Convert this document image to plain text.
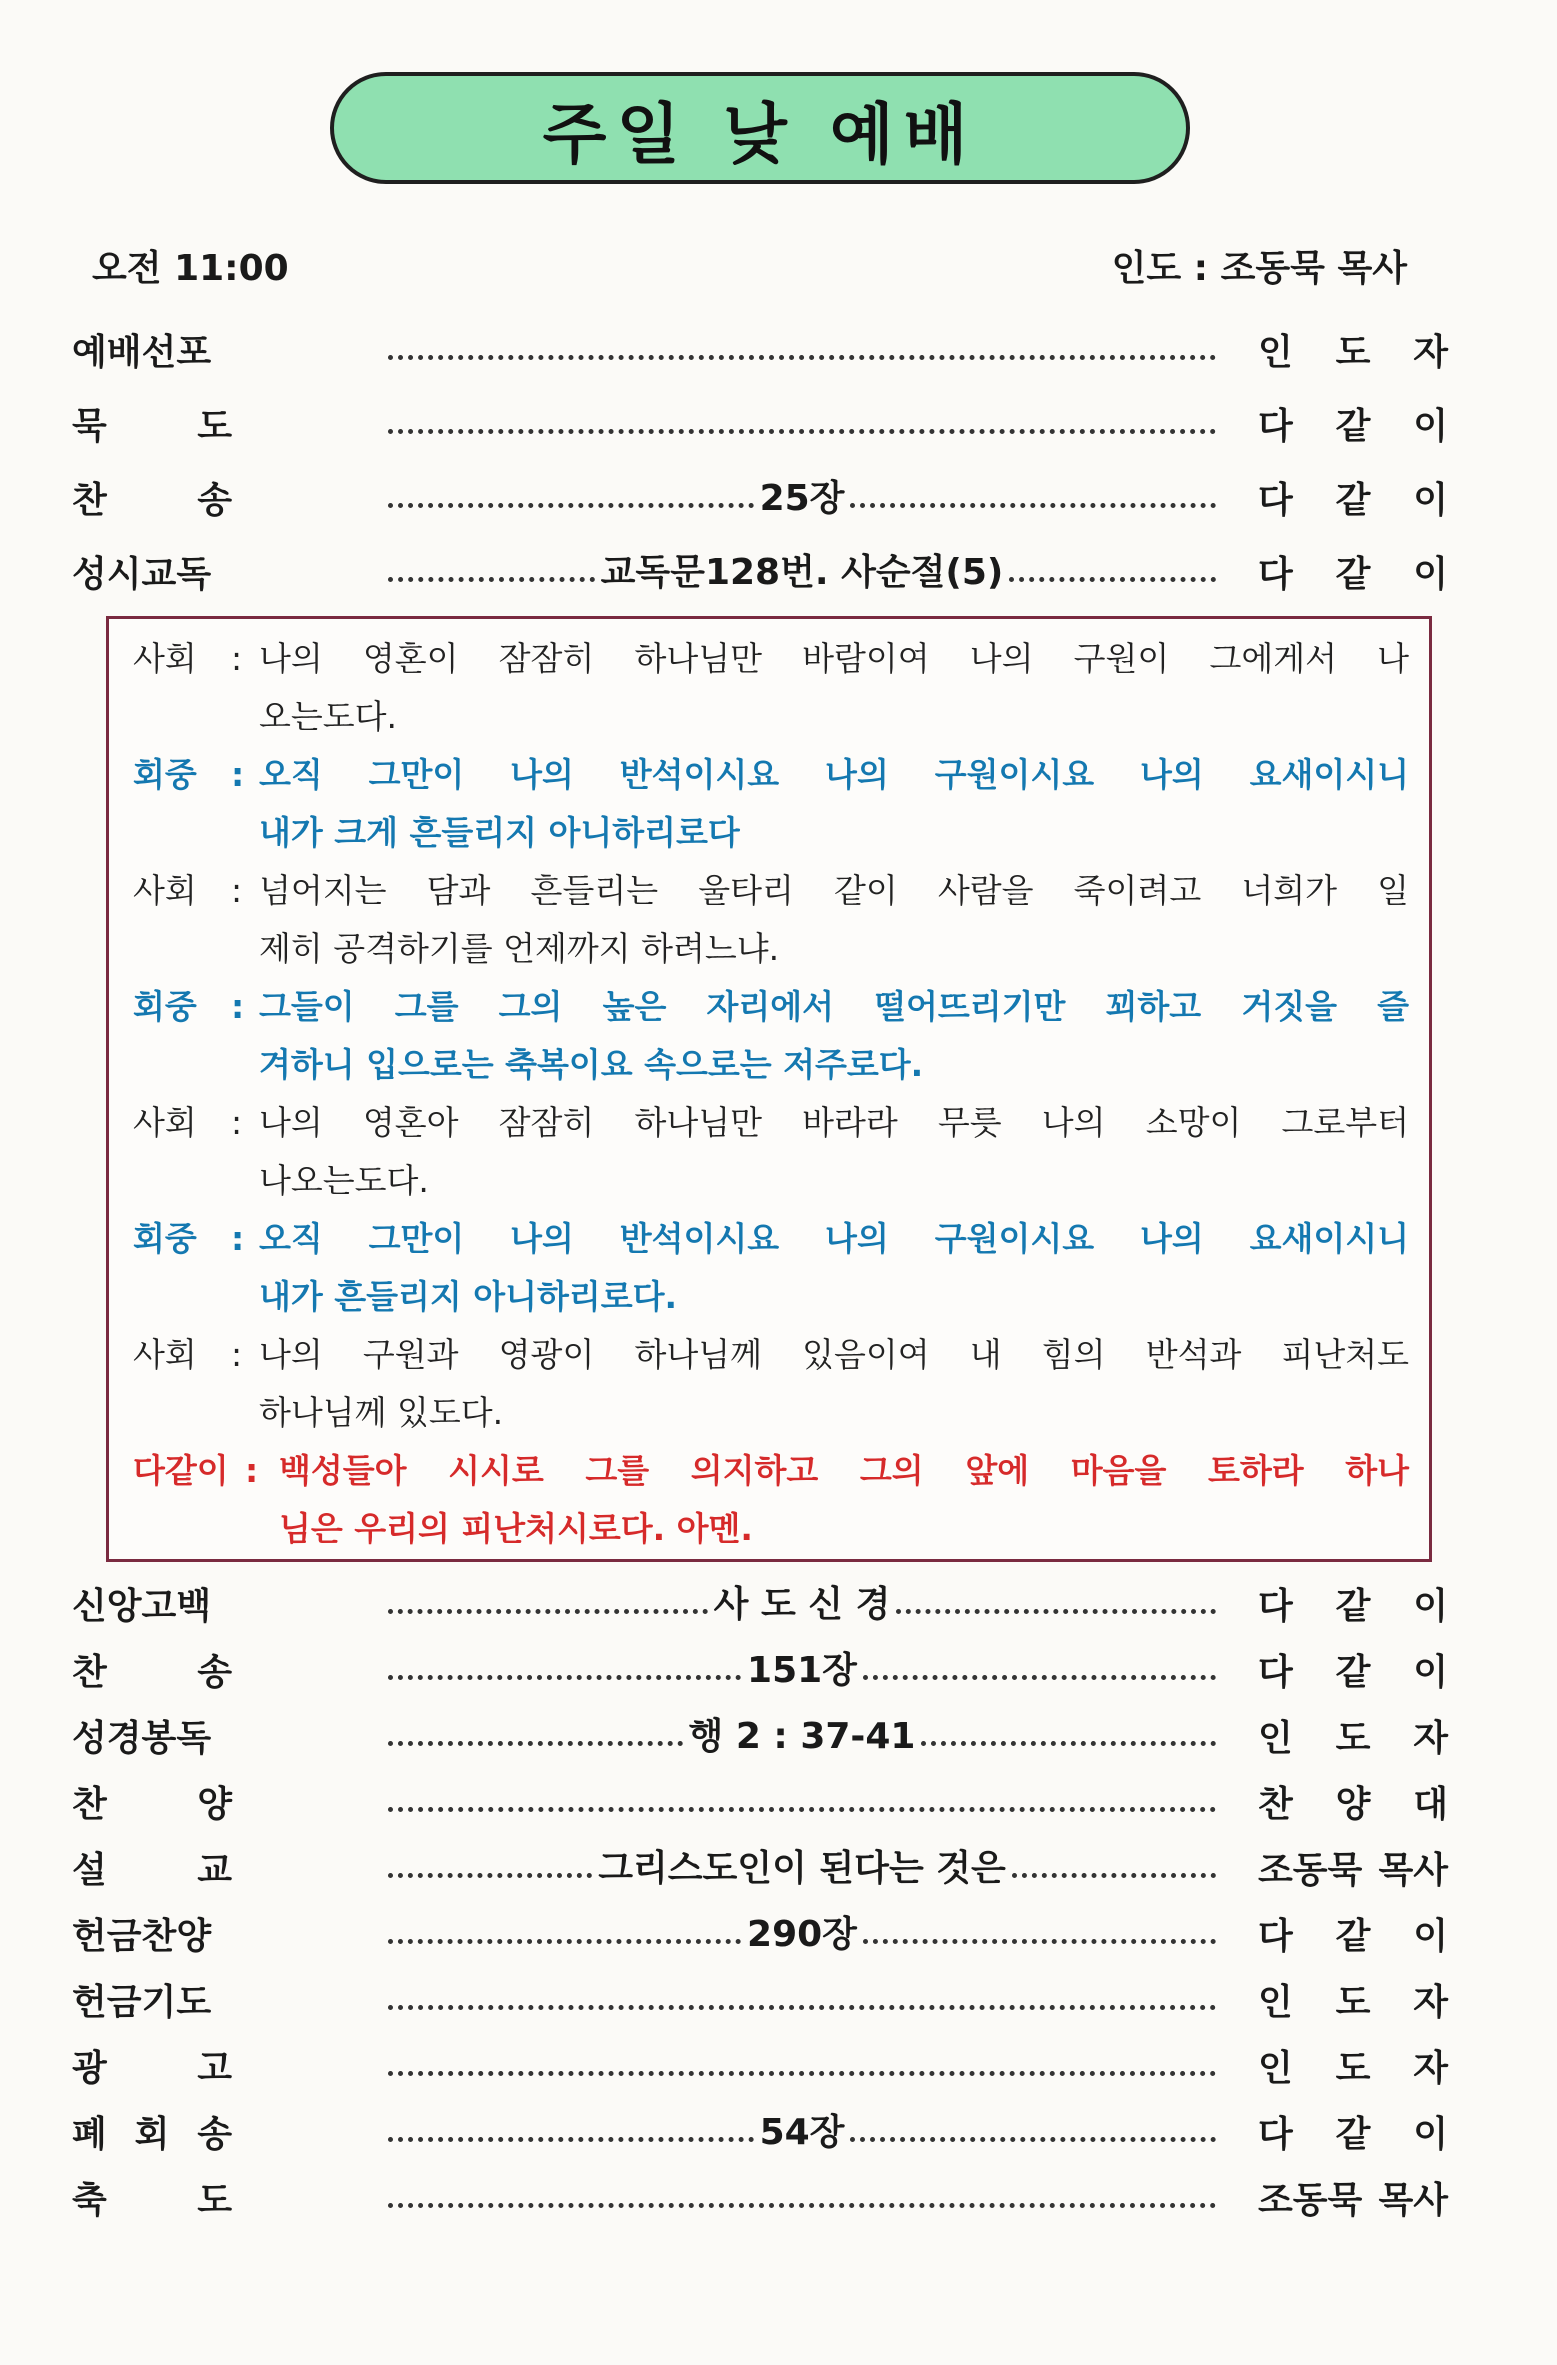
주일 낮 예배
오전 11:00	인도 : 조동묵 목사
예배선포	인 도 자
묵 도	다 같 이
찬 송	25장	다 같 이
성시교독	교독문128번. 사순절(5)	다 같 이
사회 : 나의 영혼이 잠잠히 하나님만 바람이여 나의 구원이 그에게서 나
오는도다.
회중 : 오직 그만이 나의 반석이시요 나의 구원이시요 나의 요새이시니
내가 크게 흔들리지 아니하리로다
사회 : 넘어지는 담과 흔들리는 울타리 같이 사람을 죽이려고 너희가 일
제히 공격하기를 언제까지 하려느냐.
회중 : 그들이 그를 그의 높은 자리에서 떨어뜨리기만 꾀하고 거짓을 즐
겨하니 입으로는 축복이요 속으로는 저주로다.
사회 : 나의 영혼아 잠잠히 하나님만 바라라 무릇 나의 소망이 그로부터
나오는도다.
회중 : 오직 그만이 나의 반석이시요 나의 구원이시요 나의 요새이시니
내가 흔들리지 아니하리로다.
사회 : 나의 구원과 영광이 하나님께 있음이여 내 힘의 반석과 피난처도
하나님께 있도다.
다같이 : 백성들아 시시로 그를 의지하고 그의 앞에 마음을 토하라 하나
님은 우리의 피난처시로다. 아멘.
신앙고백	사 도 신 경	다 같 이
찬 송	151장	다 같 이
성경봉독	행 2 : 37-41	인 도 자
찬 양	찬 양 대
설 교	그리스도인이 된다는 것은	조동묵 목사
헌금찬양	290장	다 같 이
헌금기도	인 도 자
광 고	인 도 자
폐 회 송	54장	다 같 이
축 도	조동묵 목사
